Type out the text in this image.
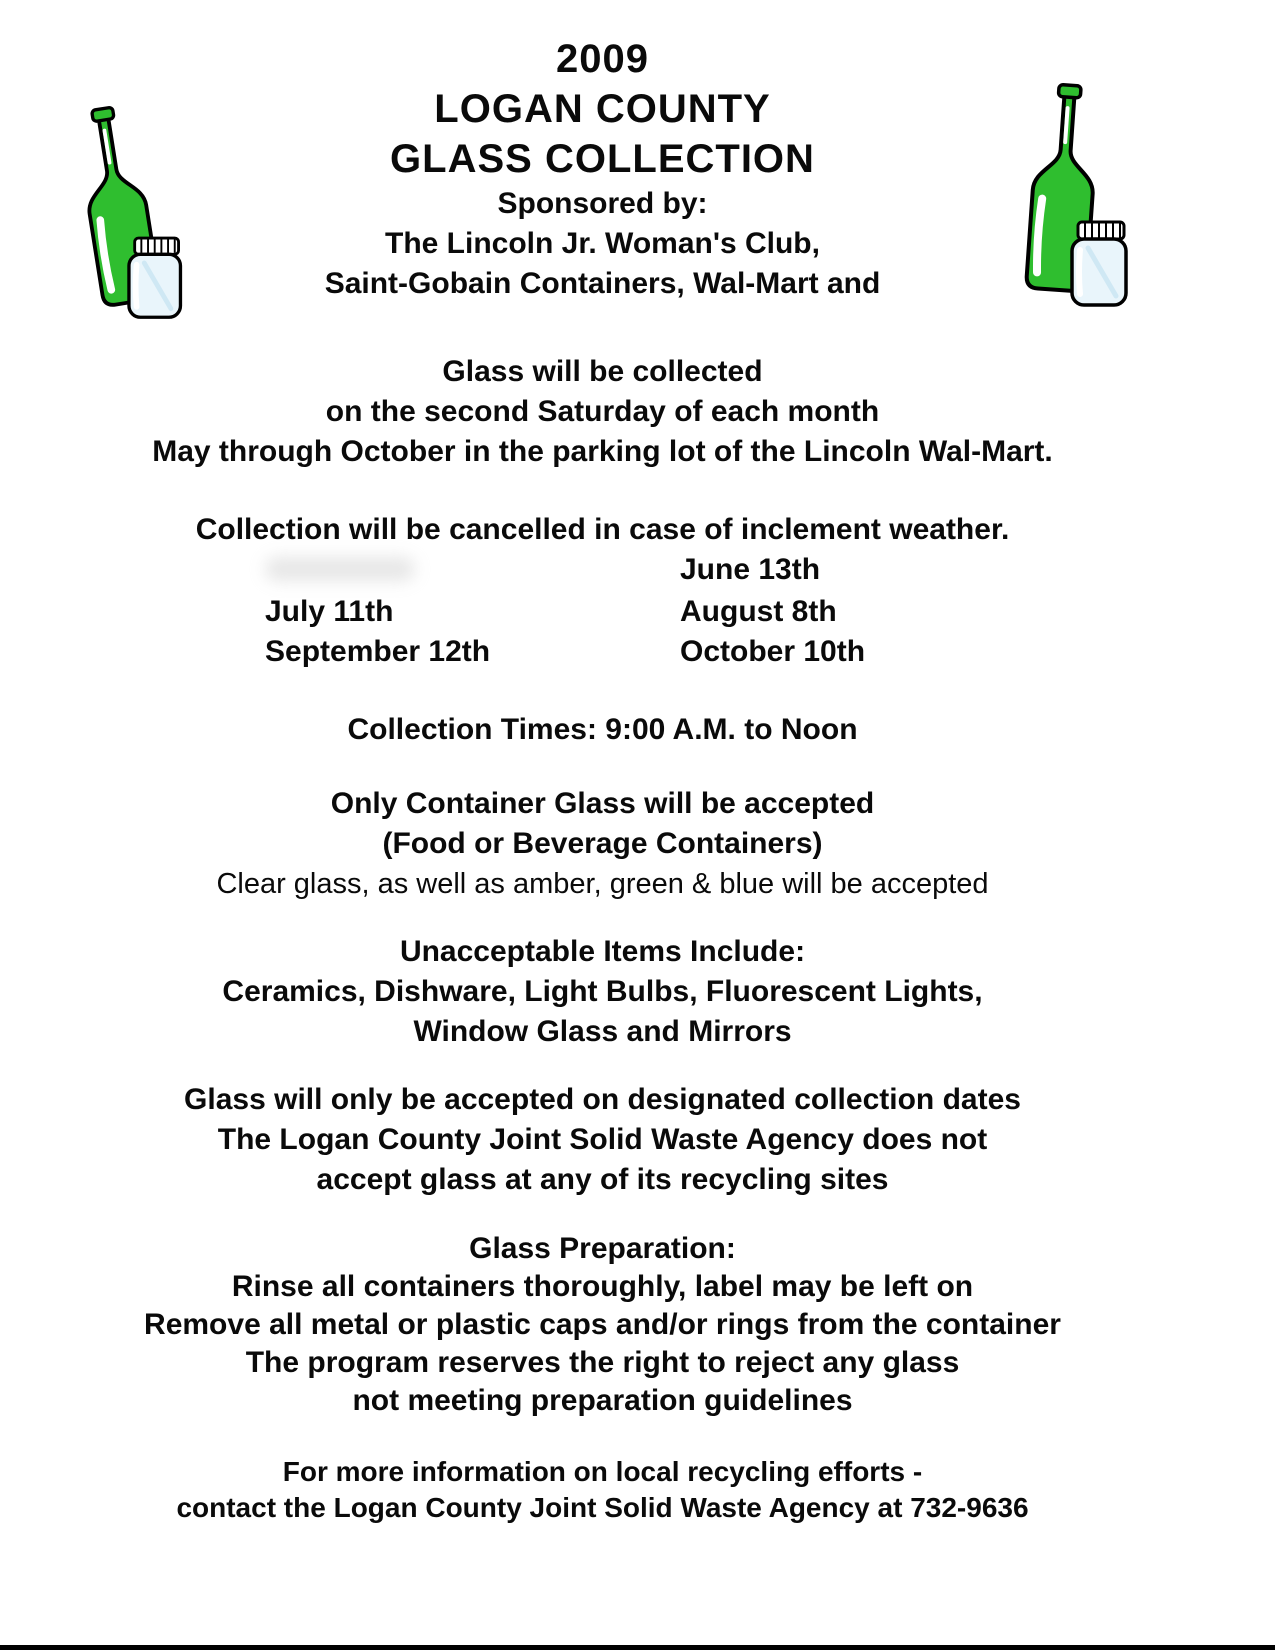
2009
LOGAN COUNTY
GLASS COLLECTION
Sponsored by:
The Lincoln Jr. Woman's Club,
Saint-Gobain Containers, Wal-Mart and
Glass will be collected
on the second Saturday of each month
May through October in the parking lot of the Lincoln Wal-Mart.
Collection will be cancelled in case of inclement weather.
June 13th
July 11th	August 8th
September 12th	October 10th
Collection Times: 9:00 A.M. to Noon
Only Container Glass will be accepted
(Food or Beverage Containers)
Clear glass, as well as amber, green & blue will be accepted
Unacceptable Items Include:
Ceramics, Dishware, Light Bulbs, Fluorescent Lights,
Window Glass and Mirrors
Glass will only be accepted on designated collection dates
The Logan County Joint Solid Waste Agency does not
accept glass at any of its recycling sites
Glass Preparation:
Rinse all containers thoroughly, label may be left on
Remove all metal or plastic caps and/or rings from the container
The program reserves the right to reject any glass
not meeting preparation guidelines
For more information on local recycling efforts -
contact the Logan County Joint Solid Waste Agency at 732-9636
